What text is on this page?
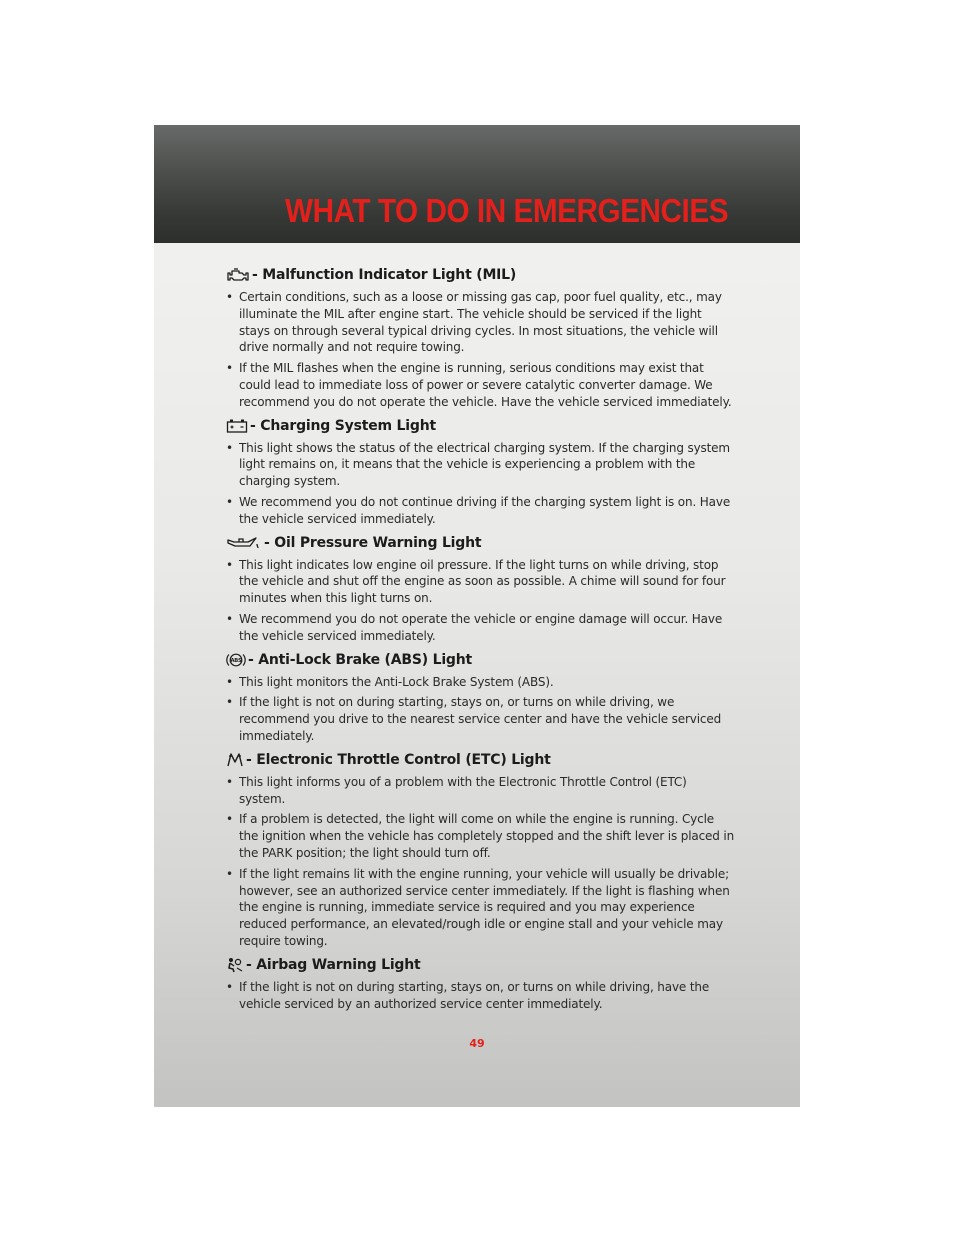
WHAT TO DO IN EMERGENCIES
- Malfunction Indicator Light (MIL)
• Certain conditions, such as a loose or missing gas cap, poor fuel quality, etc., may illuminate the MIL after engine start. The vehicle should be serviced if the light stays on through several typical driving cycles. In most situations, the vehicle will drive normally and not require towing.
• If the MIL flashes when the engine is running, serious conditions may exist that could lead to immediate loss of power or severe catalytic converter damage. We recommend you do not operate the vehicle. Have the vehicle serviced immediately.
- Charging System Light
• This light shows the status of the electrical charging system. If the charging system light remains on, it means that the vehicle is experiencing a problem with the charging system.
• We recommend you do not continue driving if the charging system light is on. Have the vehicle serviced immediately.
- Oil Pressure Warning Light
• This light indicates low engine oil pressure. If the light turns on while driving, stop the vehicle and shut off the engine as soon as possible. A chime will sound for four minutes when this light turns on.
• We recommend you do not operate the vehicle or engine damage will occur. Have the vehicle serviced immediately.
ABS - Anti-Lock Brake (ABS) Light
• This light monitors the Anti-Lock Brake System (ABS).
• If the light is not on during starting, stays on, or turns on while driving, we recommend you drive to the nearest service center and have the vehicle serviced immediately.
- Electronic Throttle Control (ETC) Light
• This light informs you of a problem with the Electronic Throttle Control (ETC) system.
• If a problem is detected, the light will come on while the engine is running. Cycle the ignition when the vehicle has completely stopped and the shift lever is placed in the PARK position; the light should turn off.
• If the light remains lit with the engine running, your vehicle will usually be drivable; however, see an authorized service center immediately. If the light is flashing when the engine is running, immediate service is required and you may experience reduced performance, an elevated/rough idle or engine stall and your vehicle may require towing.
- Airbag Warning Light
• If the light is not on during starting, stays on, or turns on while driving, have the vehicle serviced by an authorized service center immediately.
49
